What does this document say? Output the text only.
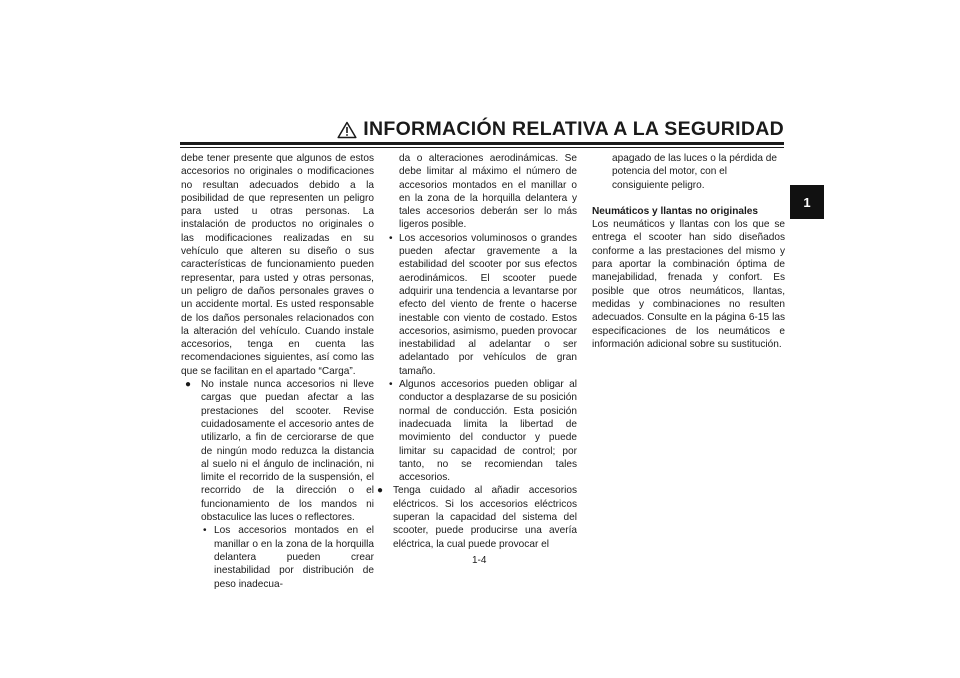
INFORMACIÓN RELATIVA A LA SEGURIDAD
1

debe tener presente que algunos de estos accesorios no originales o modificaciones no resultan adecuados debido a la posibilidad de que representen un peligro para usted u otras personas. La instalación de productos no originales o las modificaciones realizadas en su vehículo que alteren su diseño o sus características de funcionamiento pueden representar, para usted y otras personas, un peligro de daños personales graves o un accidente mortal. Es usted responsable de los daños personales relacionados con la alteración del vehículo. Cuando instale accesorios, tenga en cuenta las recomendaciones siguientes, así como las que se facilitan en el apartado “Carga”.

● No instale nunca accesorios ni lleve cargas que puedan afectar a las prestaciones del scooter. Revise cuidadosamente el accesorio antes de utilizarlo, a fin de cerciorarse de que de ningún modo reduzca la distancia al suelo ni el ángulo de inclinación, ni limite el recorrido de la suspensión, el recorrido de la dirección o el funcionamiento de los mandos ni obstaculice las luces o reflectores.
• Los accesorios montados en el manillar o en la zona de la horquilla delantera pueden crear inestabilidad por distribución de peso inadecua-
da o alteraciones aerodinámicas. Se debe limitar al máximo el número de accesorios montados en el manillar o en la zona de la horquilla delantera y tales accesorios deberán ser lo más ligeros posible.
• Los accesorios voluminosos o grandes pueden afectar gravemente a la estabilidad del scooter por sus efectos aerodinámicos. El scooter puede adquirir una tendencia a levantarse por efecto del viento de frente o hacerse inestable con viento de costado. Estos accesorios, asimismo, pueden provocar inestabilidad al adelantar o ser adelantado por vehículos de gran tamaño.
• Algunos accesorios pueden obligar al conductor a desplazarse de su posición normal de conducción. Esta posición inadecuada limita la libertad de movimiento del conductor y puede limitar su capacidad de control; por tanto, no se recomiendan tales accesorios.
● Tenga cuidado al añadir accesorios eléctricos. Si los accesorios eléctricos superan la capacidad del sistema del scooter, puede producirse una avería eléctrica, la cual puede provocar el
apagado de las luces o la pérdida de potencia del motor, con el consiguiente peligro.
Neumáticos y llantas no originales

Los neumáticos y llantas con los que se entrega el scooter han sido diseñados conforme a las prestaciones del mismo y para aportar la combinación óptima de manejabilidad, frenada y confort. Es posible que otros neumáticos, llantas, medidas y combinaciones no resulten adecuados. Consulte en la página 6-15 las especificaciones de los neumáticos e información adicional sobre su sustitución.

1-4
